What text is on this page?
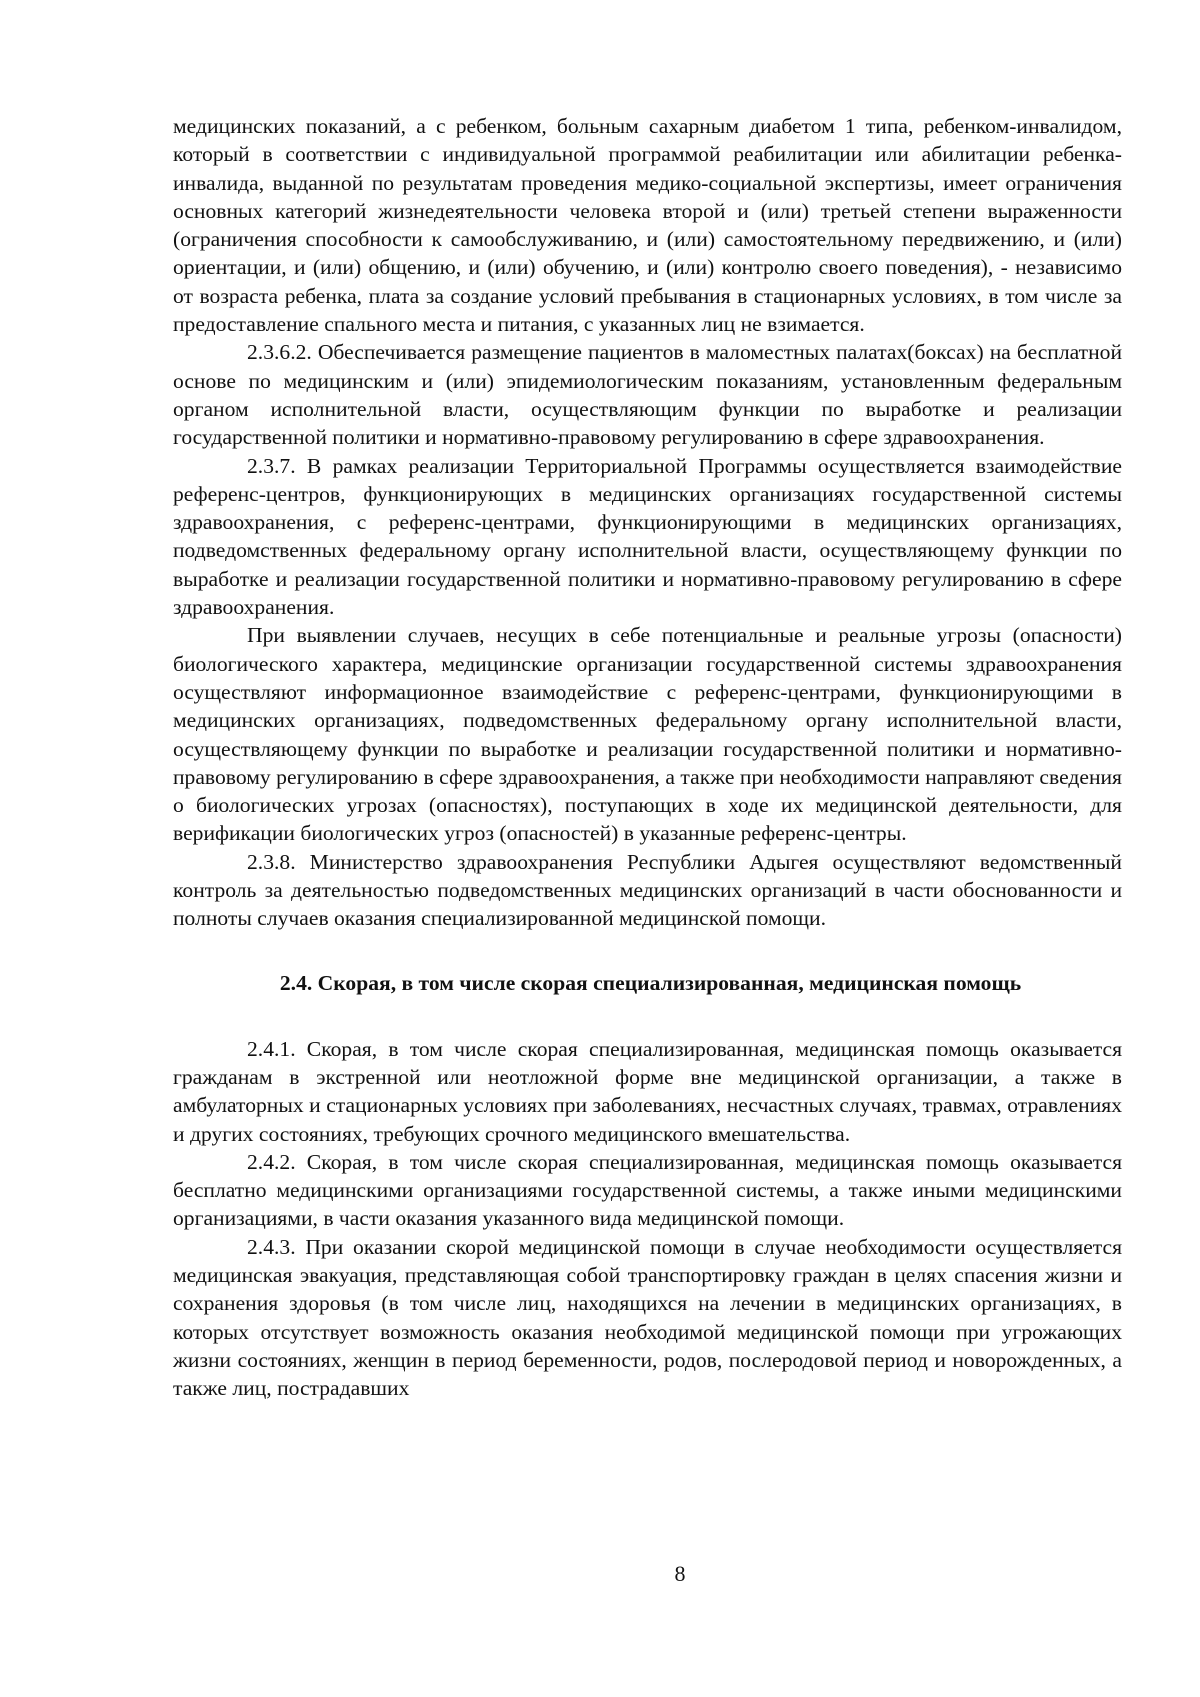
медицинских показаний, а с ребенком, больным сахарным диабетом 1 типа, ребенком-инвалидом, который в соответствии с индивидуальной программой реабилитации или абилитации ребенка-инвалида, выданной по результатам проведения медико-социальной экспертизы, имеет ограничения основных категорий жизнедеятельности человека второй и (или) третьей степени выраженности (ограничения способности к самообслуживанию, и (или) самостоятельному передвижению, и (или) ориентации, и (или) общению, и (или) обучению, и (или) контролю своего поведения), - независимо от возраста ребенка, плата за создание условий пребывания в стационарных условиях, в том числе за предоставление спального места и питания, с указанных лиц не взимается.

2.3.6.2. Обеспечивается размещение пациентов в маломестных палатах(боксах) на бесплатной основе по медицинским и (или) эпидемиологическим показаниям, установленным федеральным органом исполнительной власти, осуществляющим функции по выработке и реализации государственной политики и нормативно-правовому регулированию в сфере здравоохранения.

2.3.7. В рамках реализации Территориальной Программы осуществляется взаимодействие референс-центров, функционирующих в медицинских организациях государственной системы здравоохранения, с референс-центрами, функционирующими в медицинских организациях, подведомственных федеральному органу исполнительной власти, осуществляющему функции по выработке и реализации государственной политики и нормативно-правовому регулированию в сфере здравоохранения.

При выявлении случаев, несущих в себе потенциальные и реальные угрозы (опасности) биологического характера, медицинские организации государственной системы здравоохранения осуществляют информационное взаимодействие с референс-центрами, функционирующими в медицинских организациях, подведомственных федеральному органу исполнительной власти, осуществляющему функции по выработке и реализации государственной политики и нормативно-правовому регулированию в сфере здравоохранения, а также при необходимости направляют сведения о биологических угрозах (опасностях), поступающих в ходе их медицинской деятельности, для верификации биологических угроз (опасностей) в указанные референс-центры.

2.3.8. Министерство здравоохранения Республики Адыгея осуществляют ведомственный контроль за деятельностью подведомственных медицинских организаций в части обоснованности и полноты случаев оказания специализированной медицинской помощи.

2.4. Скорая, в том числе скорая специализированная, медицинская помощь

2.4.1. Скорая, в том числе скорая специализированная, медицинская помощь оказывается гражданам в экстренной или неотложной форме вне медицинской организации, а также в амбулаторных и стационарных условиях при заболеваниях, несчастных случаях, травмах, отравлениях и других состояниях, требующих срочного медицинского вмешательства.

2.4.2. Скорая, в том числе скорая специализированная, медицинская помощь оказывается бесплатно медицинскими организациями государственной системы, а также иными медицинскими организациями, в части оказания указанного вида медицинской помощи.

2.4.3. При оказании скорой медицинской помощи в случае необходимости осуществляется медицинская эвакуация, представляющая собой транспортировку граждан в целях спасения жизни и сохранения здоровья (в том числе лиц, находящихся на лечении в медицинских организациях, в которых отсутствует возможность оказания необходимой медицинской помощи при угрожающих жизни состояниях, женщин в период беременности, родов, послеродовой период и новорожденных, а также лиц, пострадавших

8
